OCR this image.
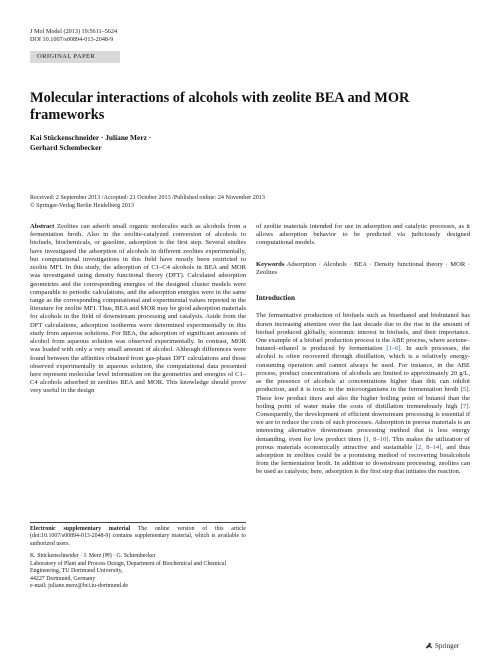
J Mol Model (2013) 19:5611–5624
DOI 10.1007/s00894-013-2048-9
ORIGINAL PAPER
Molecular interactions of alcohols with zeolite BEA and MOR frameworks
Kai Stückenschneider · Juliane Merz ·
Gerhard Schembecker
Received: 2 September 2013 /Accepted: 21 October 2013 /Published online: 24 November 2013
© Springer-Verlag Berlin Heidelberg 2013

Abstract Zeolites can adsorb small organic molecules such as alcohols from a fermentation broth. Also in the zeolite-catalyzed conversion of alcohols to biofuels, biochemicals, or gasoline, adsorption is the first step. Several studies have investigated the adsorption of alcohols in different zeolites experimentally, but computational investigations in this field have mostly been restricted to zeolite MFI. In this study, the adsorption of C1–C4 alcohols in BEA and MOR was investigated using density functional theory (DFT). Calculated adsorption geometries and the corresponding energies of the designed cluster models were comparable to periodic calculations, and the adsorption energies were in the same range as the corresponding computational and experimental values reported in the literature for zeolite MFI. Thus, BEA and MOR may be good adsorption materials for alcohols in the field of downstream processing and catalysis. Aside from the DFT calculations, adsorption isotherms were determined experimentally in this study from aqueous solutions. For BEA, the adsorption of significant amounts of alcohol from aqueous solution was observed experimentally. In contrast, MOR was loaded with only a very small amount of alcohol. Although differences were found between the affinities obtained from gas-phase DFT calculations and those observed experimentally in aqueous solution, the computational data presented here represent molecular level information on the geometries and energies of C1–C4 alcohols adsorbed in zeolites BEA and MOR. This knowledge should prove very useful in the design

of zeolite materials intended for use in adsorption and catalytic processes, as it allows adsorption behavior to be predicted via judiciously designed computational models.

Keywords Adsorption · Alcohols · BEA · Density functional theory · MOR · Zeolites

Introduction

The fermentative production of biofuels such as bioethanol and biobutanol has drawn increasing attention over the last decade due to the rise in the amount of biofuel produced globally, economic interest in biofuels, and their importance. One example of a biofuel production process is the ABE process, where acetone–butanol–ethanol is produced by fermentation [1–6]. In such processes, the alcohol is often recovered through distillation, which is a relatively energy-consuming operation and cannot always be used. For instance, in the ABE process, product concentrations of alcohols are limited to approximately 20 g/L, as the presence of alcohols at concentrations higher than this can inhibit production, and it is toxic to the microorganisms in the fermentation broth [5]. These low product titers and also the higher boiling point of butanol than the boiling point of water make the costs of distillation tremendously high [7]. Consequently, the development of efficient downstream processing is essential if we are to reduce the costs of such processes. Adsorption in porous materials is an interesting alternative downstream processing method that is less energy demanding, even for low product titers [1, 8–10]. This makes the utilization of porous materials economically attractive and sustainable [2, 8–14], and thus adsorption in zeolites could be a promising method of recovering bioalcohols from the fermentation broth. In addition to downstream processing, zeolites can be used as catalysts; here, adsorption is the first step that initiates the reaction.

Electronic supplementary material The online version of this article (doi:10.1007/s00894-013-2048-9) contains supplementary material, which is available to authorized users.
K. Stückenschneider · J. Merz (✉) · G. Schembecker
Laboratory of Plant and Process Design, Department of Biochemical and Chemical Engineering, TU Dortmund University,
44227 Dortmund, Germany
e-mail: juliane.merz@bci.tu-dortmund.de
Springer
